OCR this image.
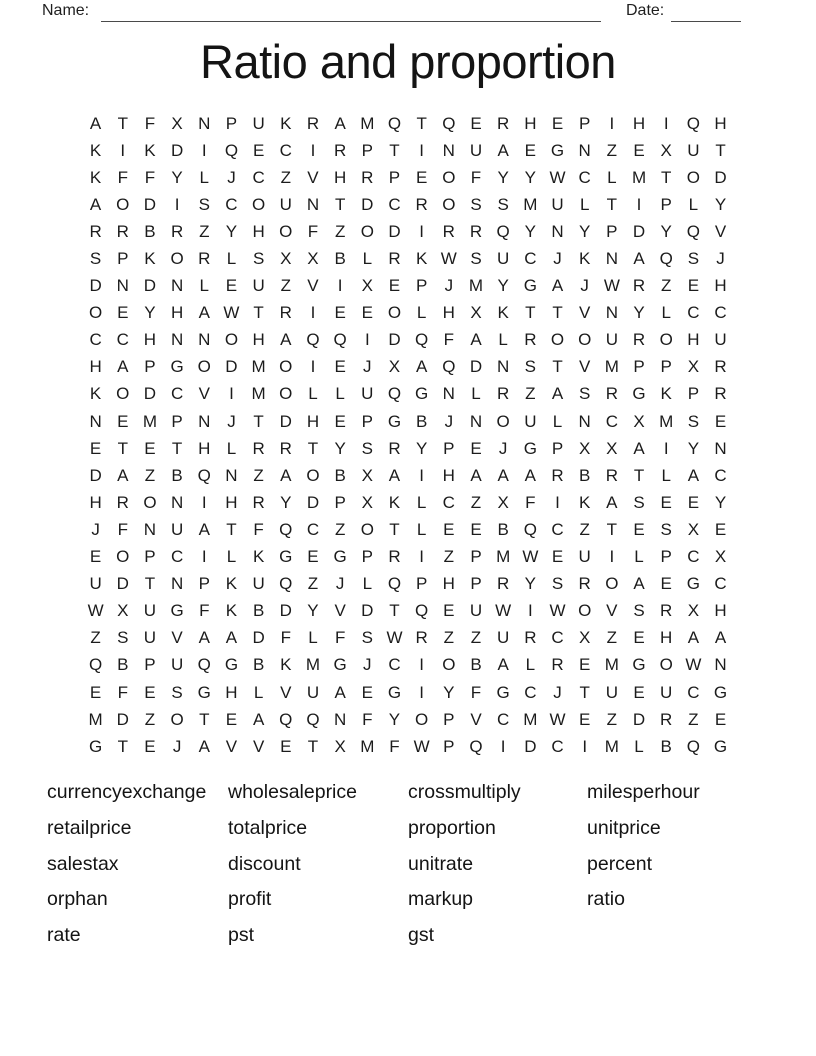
Name:	Date:
Ratio and proportion
A T F X N P U K R A M Q T Q E R H E P	I	H	I	Q H
K	I	K D	I	Q E C	I	R P T	I	N U A E G N Z E X U T
K F F Y L	J C Z V H R P E O F Y Y W C L M T O D
A O D	I	S C O U N T D C R O S S M U L	T	I	P L Y
R R B R Z Y H O F Z O D	I	R R Q Y N Y P D Y Q V
S P K O R L S X X B L R K W S U C J	K N A Q S	J
D N D N L E U Z V	I	X E P	J M Y G A	J W R Z E H
O E Y H A W T R	I	E E O L H X K T T V N Y L C C
C C H N N O H A Q Q	I	D Q F A L R O O U R O H U
H A P G O D M O	I	E	J	X A Q D N S T V M P P X R
K O D C V	I	M O L	L U Q G N L R Z A S R G K P R
N E M P N J	T D H E P G B	J N O U L N C X M S E
E T E T H L R R T Y S R Y P E	J G P X X A	I	Y N
D A Z B Q N Z A O B X A	I	H A A A R B R T	L A C
H R O N	I	H R Y D P X K L C Z X F	I	K A S E E Y
J	F N U A T F Q C Z O T	L E E B Q C Z T E S X E
E O P C	I	L K G E G P R	I	Z P M W E U	I	L P C X
U D T N P K U Q Z	J	L Q P H P R Y S R O A E G C
W X U G F K B D Y V D T Q E U W I W O V S R X H
Z S U V A A D F	L	F S W R Z Z U R C X Z E H A A
Q B P U Q G B K M G J C	I	O B A L R E M G O W N
E F E S G H L V U A E G	I	Y F G C J	T U E U C G
M D Z O T E A Q Q N F Y O P V C M W E Z D R Z E
G T E	J	A V V E T X M F W P Q	I	D C	I	M L B Q G
currencyexchange	wholesaleprice	crossmultiply	milesperhour
retailprice	totalprice	proportion	unitprice
salestax	discount	unitrate	percent
orphan	profit	markup	ratio
rate	pst	gst
